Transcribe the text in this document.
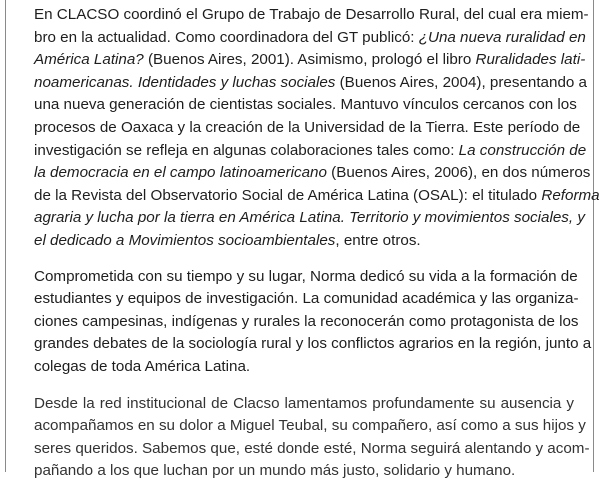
En CLACSO coordinó el Grupo de Trabajo de Desarrollo Rural, del cual era miem-
bro en la actualidad. Como coordinadora del GT publicó: ¿Una nueva ruralidad en
América Latina? (Buenos Aires, 2001). Asimismo, prologó el libro Ruralidades lati-
noamericanas. Identidades y luchas sociales (Buenos Aires, 2004), presentando a
una nueva generación de cientistas sociales. Mantuvo vínculos cercanos con los
procesos de Oaxaca y la creación de la Universidad de la Tierra. Este período de
investigación se refleja en algunas colaboraciones tales como: La construcción de
la democracia en el campo latinoamericano (Buenos Aires, 2006), en dos números
de la Revista del Observatorio Social de América Latina (OSAL): el titulado Reforma
agraria y lucha por la tierra en América Latina. Territorio y movimientos sociales, y
el dedicado a Movimientos socioambientales, entre otros.

Comprometida con su tiempo y su lugar, Norma dedicó su vida a la formación de
estudiantes y equipos de investigación. La comunidad académica y las organiza-
ciones campesinas, indígenas y rurales la reconocerán como protagonista de los
grandes debates de la sociología rural y los conflictos agrarios en la región, junto a
colegas de toda América Latina.

Desde la red institucional de Clacso lamentamos profundamente su ausencia y
acompañamos en su dolor a Miguel Teubal, su compañero, así como a sus hijos y
seres queridos. Sabemos que, esté donde esté, Norma seguirá alentando y acom-
pañando a los que luchan por un mundo más justo, solidario y humano.
